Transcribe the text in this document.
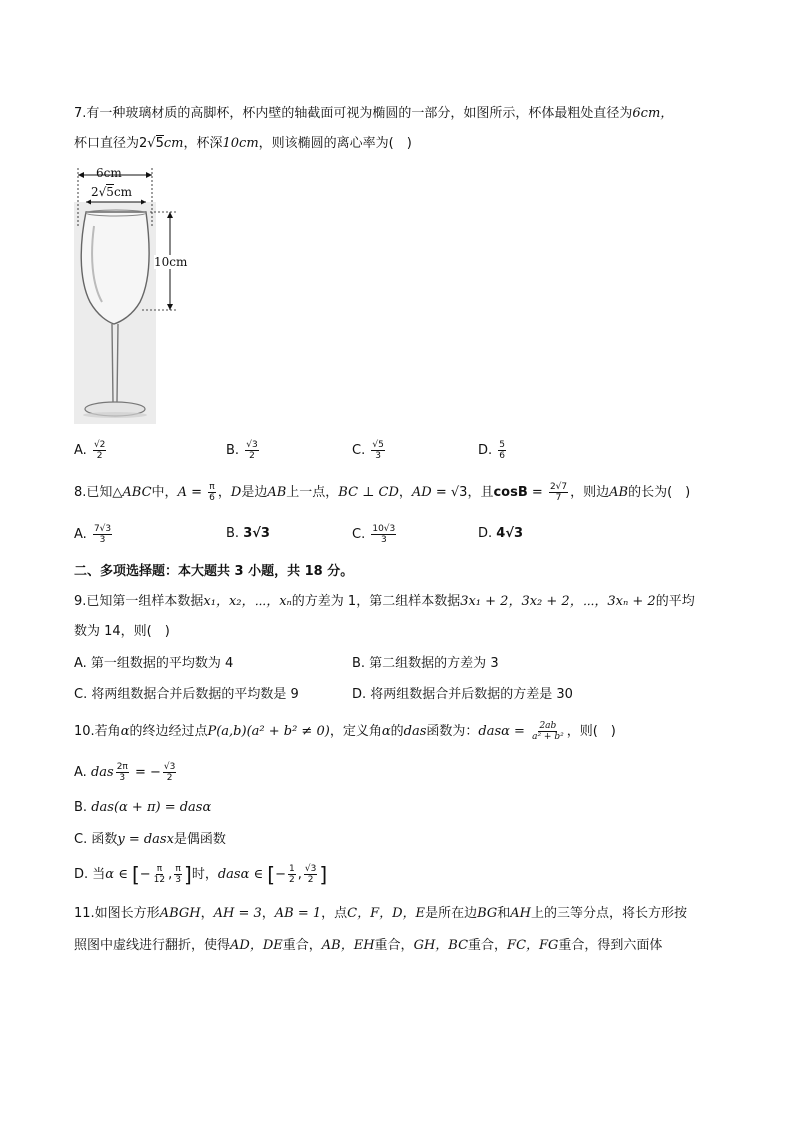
7.有一种玻璃材质的高脚杯，杯内壁的轴截面可视为椭圆的一部分，如图所示，杯体最粗处直径为6cm，
杯口直径为2√5cm，杯深10cm，则该椭圆的离心率为(　)
6cm
2√5cm
10cm
A. $\frac{√2}{2}$	B. $\frac{√3}{2}$	C. $\frac{√5}{3}$	D. $\frac{5}{6}$
8.已知△ABC中，$A = \frac{\pi}{6}$ ，D是边AB上一点，BC ⊥ CD，AD = √3，且$\cos B = \frac{2√7}{7}$ ，则边AB的长为(　)
A. $\frac{7√3}{3}$	B. 3√3	C. $\frac{10√3}{3}$	D. 4√3
二、多项选择题：本大题共 3 小题，共 18 分。
9.已知第一组样本数据x₁，x₂，⋯，xₙ的方差为 1，第二组样本数据3x₁ + 2，3x₂ + 2，⋯，3xₙ + 2的平均
数为 14，则(　)
A. 第一组数据的平均数为 4	B. 第二组数据的方差为 3
C. 将两组数据合并后数据的平均数是 9	D. 将两组数据合并后数据的方差是 30
10.若角α的终边经过点P(a,b)(a² + b² ≠ 0)，定义角α的das函数为：$das\alpha = \frac{2ab}{\text{a² + b²}}$ ，则(　)
A. das $\frac{2\pi}{3}$ = − $\frac{√3}{2}$
B. das(α + π) = dasα
C. 函数y = dasx是偶函数
D. 当α ∈ [− $\frac{\pi}{12}$ , $\frac{\pi}{3}$ ]时，dasα ∈ [− $\frac{1}{2}$ , $\frac{√3}{2}$ ]
11.如图长方形ABGH，AH = 3，AB = 1，点C，F，D，E是所在边BG和AH上的三等分点，将长方形按
照图中虚线进行翻折，使得AD，DE重合，AB，EH重合，GH，BC重合，FC，FG重合，得到六面体
